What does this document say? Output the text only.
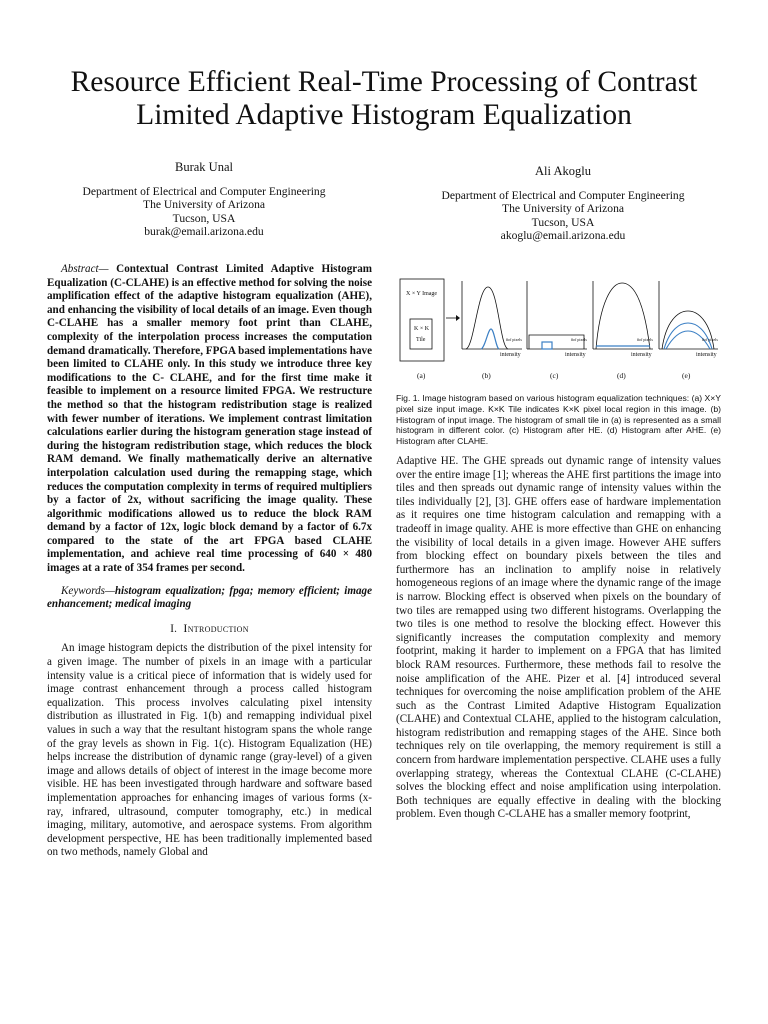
Resource Efficient Real-Time Processing of Contrast
Limited Adaptive Histogram Equalization
Burak Unal
Department of Electrical and Computer Engineering
The University of Arizona
Tucson, USA
burak@email.arizona.edu
Ali Akoglu
Department of Electrical and Computer Engineering
The University of Arizona
Tucson, USA
akoglu@email.arizona.edu

Abstract— Contextual Contrast Limited Adaptive Histogram Equalization (C-CLAHE) is an effective method for solving the noise amplification effect of the adaptive histogram equalization (AHE), and enhancing the visibility of local details of an image. Even though C-CLAHE has a smaller memory foot print than CLAHE, complexity of the interpolation process increases the computation demand dramatically. Therefore, FPGA based implementations have been limited to CLAHE only. In this study we introduce three key modifications to the C- CLAHE, and for the first time make it feasible to implement on a resource limited FPGA. We restructure the method so that the histogram redistribution stage is realized with fewer number of iterations. We implement contrast limitation calculations earlier during the histogram generation stage instead of during the histogram redistribution stage, which reduces the block RAM demand. We finally mathematically derive an alternative interpolation calculation used during the remapping stage, which reduces the computation complexity in terms of required multipliers by a factor of 2x, without sacrificing the image quality. These algorithmic modifications allowed us to reduce the block RAM demand by a factor of 12x, logic block demand by a factor of 6.7x compared to the state of the art FPGA based CLAHE implementation, and achieve real time processing of 640 × 480 images at a rate of 354 frames per second.

Keywords—histogram equalization; fpga; memory efficient; image enhancement; medical imaging

I. Introduction

An image histogram depicts the distribution of the pixel intensity for a given image. The number of pixels in an image with a particular intensity value is a critical piece of information that is widely used for image contrast enhancement through a process called histogram equalization. This process involves calculating pixel intensity distribution as illustrated in Fig. 1(b) and remapping individual pixel values in such a way that the resultant histogram spans the whole range of the gray levels as shown in Fig. 1(c). Histogram Equalization (HE) helps increase the distribution of dynamic range (gray-level) of a given image and allows details of object of interest in the image become more visible. HE has been investigated through hardware and software based implementation approaches for enhancing images of various forms (x-ray, infrared, ultrasound, computer tomography, etc.) in medical imaging, military, automotive, and aerospace systems. From algorithm development perspective, HE has been traditionally implemented based on two methods, namely Global and

X × Y Image
K × K
Tile
intensity	intensity	intensity	intensity
#of pixels	#of pixels	#of pixels	#of pixels
(a)	(b)	(c)	(d)	(e)
Fig. 1. Image histogram based on various histogram equalization techniques: (a) X×Y pixel size input image. K×K Tile indicates K×K pixel local region in this image. (b) Histogram of input image. The histogram of small tile in (a) is represented as a small histogram in different color. (c) Histogram after HE. (d) Histogram after AHE. (e) Histogram after CLAHE.

Adaptive HE. The GHE spreads out dynamic range of intensity values over the entire image [1]; whereas the AHE first partitions the image into tiles and then spreads out dynamic range of intensity values within the tiles individually [2], [3]. GHE offers ease of hardware implementation as it requires one time histogram calculation and remapping with a tradeoff in image quality. AHE is more effective than GHE on enhancing the visibility of local details in a given image. However AHE suffers from blocking effect on boundary pixels between the tiles and furthermore has an inclination to amplify noise in relatively homogeneous regions of an image where the dynamic range of the image is narrow. Blocking effect is observed when pixels on the boundary of two tiles are remapped using two different histograms. Overlapping the two tiles is one method to resolve the blocking effect. However this significantly increases the computation complexity and memory footprint, making it harder to implement on a FPGA that has limited block RAM resources. Furthermore, these methods fail to resolve the noise amplification of the AHE. Pizer et al. [4] introduced several techniques for overcoming the noise amplification problem of the AHE such as the Contrast Limited Adaptive Histogram Equalization (CLAHE) and Contextual CLAHE, applied to the histogram calculation, histogram redistribution and remapping stages of the AHE. Since both techniques rely on tile overlapping, the memory requirement is still a concern from hardware implementation perspective. CLAHE uses a fully overlapping strategy, whereas the Contextual CLAHE (C-CLAHE) solves the blocking effect and noise amplification using interpolation. Both techniques are equally effective in dealing with the blocking problem. Even though C-CLAHE has a smaller memory footprint,
